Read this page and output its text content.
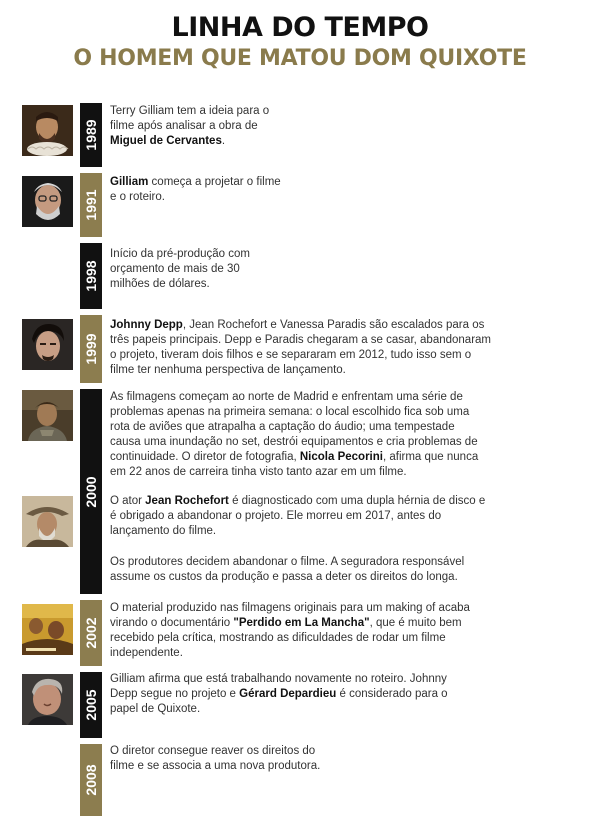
LINHA DO TEMPO
O HOMEM QUE MATOU DOM QUIXOTE
1989
1991
1998
1999
2000
2002
2005
2008

Terry Gilliam tem a ideia para o filme após analisar a obra de Miguel de Cervantes.

Gilliam começa a projetar o filme e o roteiro.

Início da pré-produção com orçamento de mais de 30 milhões de dólares.

Johnny Depp, Jean Rochefort e Vanessa Paradis são escalados para os três papeis principais. Depp e Paradis chegaram a se casar, abandonaram o projeto, tiveram dois filhos e se separaram em 2012, tudo isso sem o filme ter nenhuma perspectiva de lançamento.

As filmagens começam ao norte de Madrid e enfrentam uma série de problemas apenas na primeira semana: o local escolhido fica sob uma rota de aviões que atrapalha a captação do áudio; uma tempestade causa uma inundação no set, destrói equipamentos e cria problemas de continuidade. O diretor de fotografia, Nicola Pecorini, afirma que nunca em 22 anos de carreira tinha visto tanto azar em um filme.

O ator Jean Rochefort é diagnosticado com uma dupla hérnia de disco e é obrigado a abandonar o projeto. Ele morreu em 2017, antes do lançamento do filme.

Os produtores decidem abandonar o filme. A seguradora responsável assume os custos da produção e passa a deter os direitos do longa.

O material produzido nas filmagens originais para um making of acaba virando o documentário "Perdido em La Mancha", que é muito bem recebido pela crítica, mostrando as dificuldades de rodar um filme independente.

Gilliam afirma que está trabalhando novamente no roteiro. Johnny Depp segue no projeto e Gérard Depardieu é considerado para o papel de Quixote.

O diretor consegue reaver os direitos do filme e se associa a uma nova produtora.
